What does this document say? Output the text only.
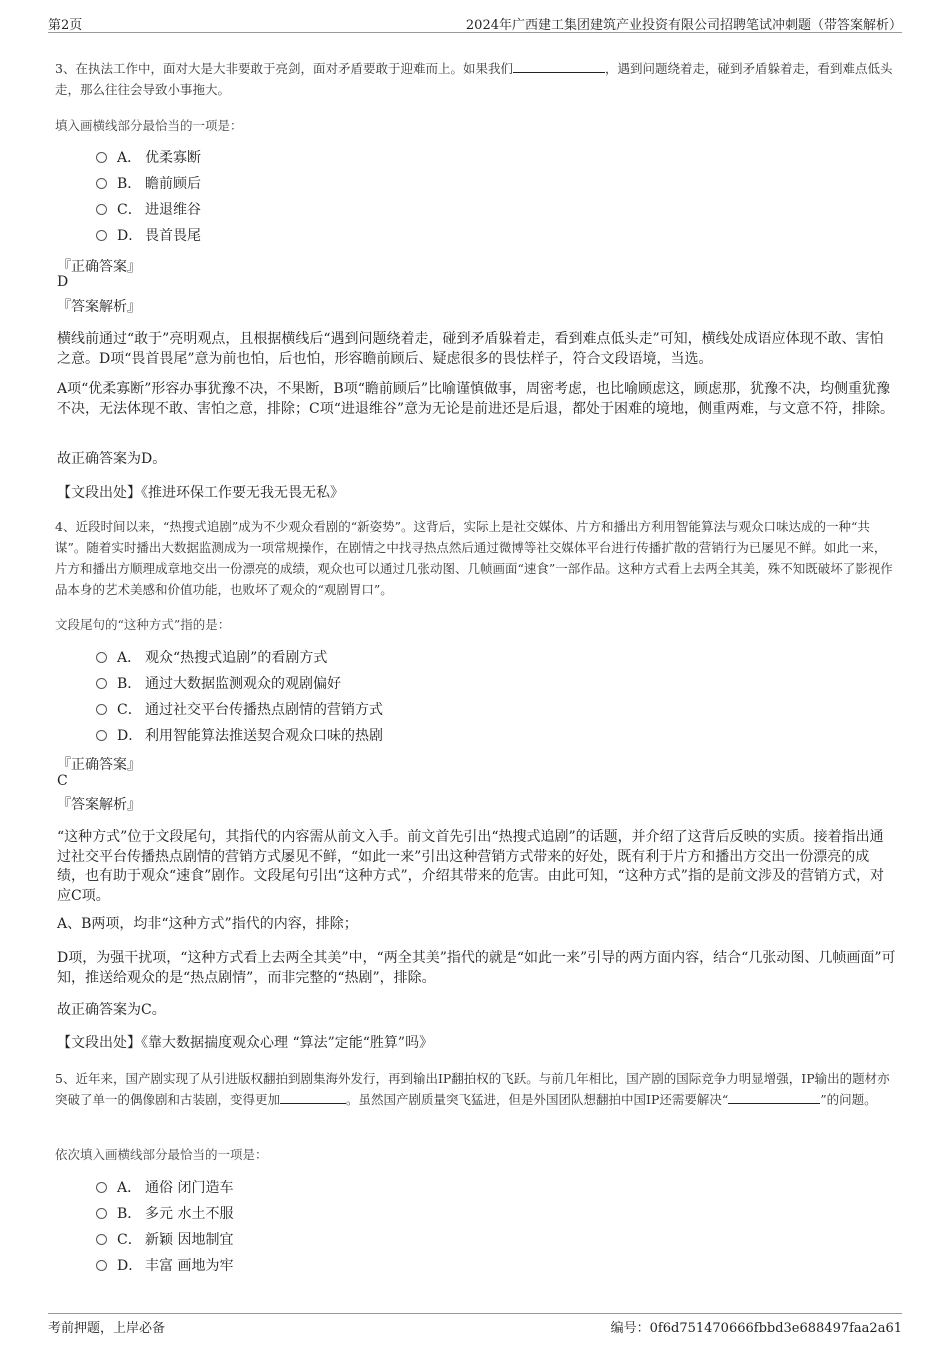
第2页	2024年广西建工集团建筑产业投资有限公司招聘笔试冲刺题（带答案解析）
3、在执法工作中，面对大是大非要敢于亮剑，面对矛盾要敢于迎难而上。如果我们	，遇到问题绕着走，碰到矛盾躲着走，看到难点低头走，那么往往会导致小事拖大。
填入画横线部分最恰当的一项是：
A． 优柔寡断
B． 瞻前顾后
C． 进退维谷
D． 畏首畏尾
『正确答案』
D
『答案解析』
横线前通过“敢于”亮明观点，且根据横线后“遇到问题绕着走，碰到矛盾躲着走，看到难点低头走”可知，横线处成语应体现不敢、害怕之意。D项“畏首畏尾”意为前也怕，后也怕，形容瞻前顾后、疑虑很多的畏怯样子，符合文段语境，当选。
A项“优柔寡断”形容办事犹豫不决，不果断，B项“瞻前顾后”比喻谨慎做事，周密考虑，也比喻顾虑这，顾虑那，犹豫不决，均侧重犹豫不决，无法体现不敢、害怕之意，排除；C项“进退维谷”意为无论是前进还是后退，都处于困难的境地，侧重两难，与文意不符，排除。
故正确答案为D。
【文段出处】《推进环保工作要无我无畏无私》
4、近段时间以来，“热搜式追剧”成为不少观众看剧的“新姿势”。这背后，实际上是社交媒体、片方和播出方利用智能算法与观众口味达成的一种“共谋”。随着实时播出大数据监测成为一项常规操作，在剧情之中找寻热点然后通过微博等社交媒体平台进行传播扩散的营销行为已屡见不鲜。如此一来，片方和播出方顺理成章地交出一份漂亮的成绩，观众也可以通过几张动图、几帧画面“速食”一部作品。这种方式看上去两全其美，殊不知既破坏了影视作品本身的艺术美感和价值功能，也败坏了观众的“观剧胃口”。
文段尾句的“这种方式”指的是：
A． 观众“热搜式追剧”的看剧方式
B． 通过大数据监测观众的观剧偏好
C． 通过社交平台传播热点剧情的营销方式
D． 利用智能算法推送契合观众口味的热剧
『正确答案』
C
『答案解析』
“这种方式”位于文段尾句，其指代的内容需从前文入手。前文首先引出“热搜式追剧”的话题，并介绍了这背后反映的实质。接着指出通过社交平台传播热点剧情的营销方式屡见不鲜，“如此一来”引出这种营销方式带来的好处，既有利于片方和播出方交出一份漂亮的成绩，也有助于观众“速食”剧作。文段尾句引出“这种方式”，介绍其带来的危害。由此可知，“这种方式”指的是前文涉及的营销方式，对应C项。
A、B两项，均非“这种方式”指代的内容，排除；
D项，为强干扰项，“这种方式看上去两全其美”中，“两全其美”指代的就是“如此一来”引导的两方面内容，结合“几张动图、几帧画面”可知，推送给观众的是“热点剧情”，而非完整的“热剧”，排除。
故正确答案为C。
【文段出处】《靠大数据揣度观众心理 “算法”定能“胜算”吗》
5、近年来，国产剧实现了从引进版权翻拍到剧集海外发行，再到输出IP翻拍权的飞跃。与前几年相比，国产剧的国际竞争力明显增强，IP输出的题材亦突破了单一的偶像剧和古装剧，变得更加	。虽然国产剧质量突飞猛进，但是外国团队想翻拍中国IP还需要解决“	”的问题。
依次填入画横线部分最恰当的一项是：
A． 通俗 闭门造车
B． 多元 水土不服
C． 新颖 因地制宜
D． 丰富 画地为牢
考前押题，上岸必备	编号：0f6d751470666fbbd3e688497faa2a61
